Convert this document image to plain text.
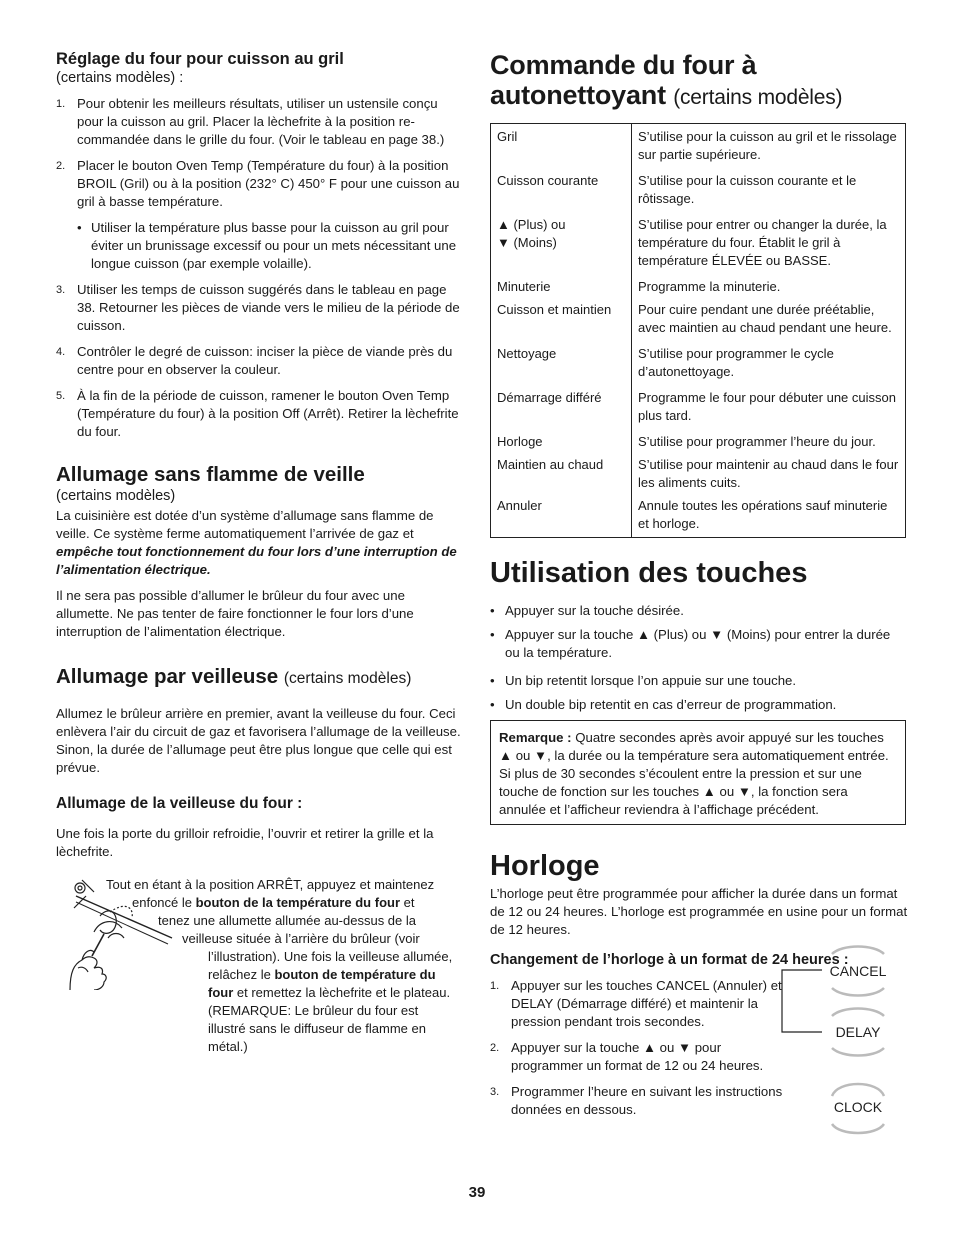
Réglage du four pour cuisson au gril

(certains modèles) :

1. Pour obtenir les meilleurs résultats, utiliser un ustensile conçu pour la cuisson au gril. Placer la lèchefrite à la position re-commandée dans le grille du four. (Voir le tableau en page 38.)
2. Placer le bouton Oven Temp (Température du four) à la position BROIL (Gril) ou à la position (232° C) 450° F pour une cuisson au gril à basse température.
• Utiliser la température plus basse pour la cuisson au gril pour éviter un brunissage excessif ou pour un mets nécessitant une longue cuisson (par exemple volaille).
3. Utiliser les temps de cuisson suggérés dans le tableau en page 38. Retourner les pièces de viande vers le milieu de la période de cuisson.
4. Contrôler le degré de cuisson: inciser la pièce de viande près du centre pour en observer la couleur.
5. À la fin de la période de cuisson, ramener le bouton Oven Temp (Température du four) à la position Off (Arrêt). Retirer la lèchefrite du four.
Allumage sans flamme de veille

(certains modèles)

La cuisinière est dotée d’un système d’allumage sans flamme de veille. Ce système ferme automatiquement l’arrivée de gaz et empêche tout fonctionnement du four lors d’une interruption de l’alimentation électrique.

Il ne sera pas possible d’allumer le brûleur du four avec une allumette. Ne pas tenter de faire fonctionner le four lors d’une interruption de l’alimentation électrique.

Allumage par veilleuse (certains modèles)

Allumez le brûleur arrière en premier, avant la veilleuse du four. Ceci enlèvera l’air du circuit de gaz et favorisera l’allumage de la veilleuse. Sinon, la durée de l’allumage peut être plus longue que celle qui est prévue.

Allumage de la veilleuse du four :

Une fois la porte du grilloir refroidie, l’ouvrir et retirer la grille et la lèchefrite.

Tout en étant à la position ARRÊT, appuyez et maintenez
enfoncé le bouton de la température du four et
tenez une allumette allumée au-dessus de la
veilleuse située à l’arrière du brûleur (voir
l’illustration). Une fois la veilleuse allumée,
relâchez le bouton de température du
four et remettez la lèchefrite et le plateau.
(REMARQUE: Le brûleur du four est
illustré sans le diffuseur de flamme en
métal.)
Commande du four à
autonettoyant (certains modèles)
Gril	S’utilise pour la cuisson au gril et le rissolage sur partie supérieure.
Cuisson courante	S’utilise pour la cuisson courante et le rôtissage.
▲ (Plus) ou
▼ (Moins)	S’utilise pour entrer ou changer la durée, la température du four. Établit le gril à température ÉLEVÉE ou BASSE.
Minuterie	Programme la minuterie.
Cuisson et maintien	Pour cuire pendant une durée préétablie, avec maintien au chaud pendant une heure.
Nettoyage	S’utilise pour programmer le cycle d’autonettoyage.
Démarrage différé	Programme le four pour débuter une cuisson plus tard.
Horloge	S’utilise pour programmer l’heure du jour.
Maintien au chaud	S’utilise pour maintenir au chaud dans le four les aliments cuits.
Annuler	Annule toutes les opérations sauf minuterie et horloge.
Utilisation des touches
• Appuyer sur la touche désirée.
• Appuyer sur la touche ▲ (Plus) ou ▼ (Moins) pour entrer la durée ou la température.
• Un bip retentit lorsque l’on appuie sur une touche.
• Un double bip retentit en cas d’erreur de programmation.
Remarque : Quatre secondes après avoir appuyé sur les touches ▲ ou ▼, la durée ou la température sera automatiquement entrée. Si plus de 30 secondes s’écoulent entre la pression et sur une touche de fonction sur les touches ▲ ou ▼, la fonction sera annulée et l’afficheur reviendra à l’affichage précédent.
Horloge

L’horloge peut être programmée pour afficher la durée dans un format de 12 ou 24 heures. L’horloge est programmée en usine pour un format de 12 heures.

Changement de l’horloge à un format de 24 heures :
1. Appuyer sur les touches CANCEL (Annuler) et DELAY (Démarrage différé) et maintenir la pression pendant trois secondes.
2. Appuyer sur la touche ▲ ou ▼ pour programmer un format de 12 ou 24 heures.
3. Programmer l’heure en suivant les instructions données en dessous.
CANCEL
DELAY
CLOCK
39
